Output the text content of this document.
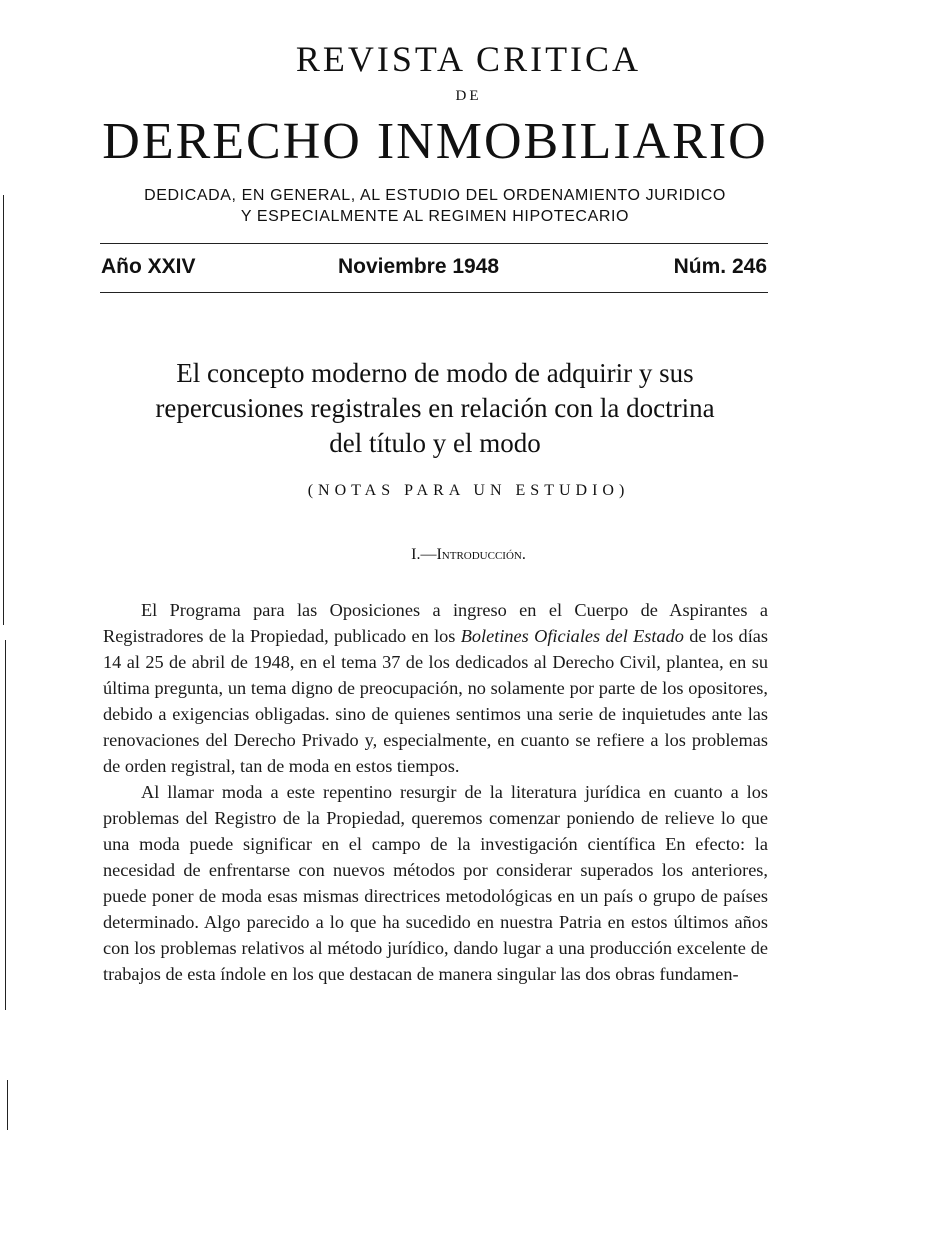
REVISTA CRITICA
DE
DERECHO INMOBILIARIO
DEDICADA, EN GENERAL, AL ESTUDIO DEL ORDENAMIENTO JURIDICO
Y ESPECIALMENTE AL REGIMEN HIPOTECARIO
Año XXIV	Noviembre 1948	Núm. 246
El concepto moderno de modo de adquirir y sus
repercusiones registrales en relación con la doctrina
del título y el modo
(NOTAS PARA UN ESTUDIO)
I.—Introducción.

El Programa para las Oposiciones a ingreso en el Cuerpo de Aspirantes a Registradores de la Propiedad, publicado en los Boletines Oficiales del Estado de los días 14 al 25 de abril de 1948, en el tema 37 de los dedicados al Derecho Civil, plantea, en su última pregunta, un tema digno de preocupación, no solamente por parte de los opositores, debido a exigencias obligadas. sino de quienes sentimos una serie de inquietudes ante las renovaciones del Derecho Privado y, especialmente, en cuanto se refiere a los problemas de orden registral, tan de moda en estos tiempos.

Al llamar moda a este repentino resurgir de la literatura jurídica en cuanto a los problemas del Registro de la Propiedad, queremos comenzar poniendo de relieve lo que una moda puede significar en el campo de la investigación científica En efecto: la necesidad de enfrentarse con nuevos métodos por considerar superados los anteriores, puede poner de moda esas mismas directrices metodológicas en un país o grupo de países determinado. Algo parecido a lo que ha sucedido en nuestra Patria en estos últimos años con los problemas relativos al método jurídico, dando lugar a una producción excelente de trabajos de esta índole en los que destacan de manera singular las dos obras fundamen-
